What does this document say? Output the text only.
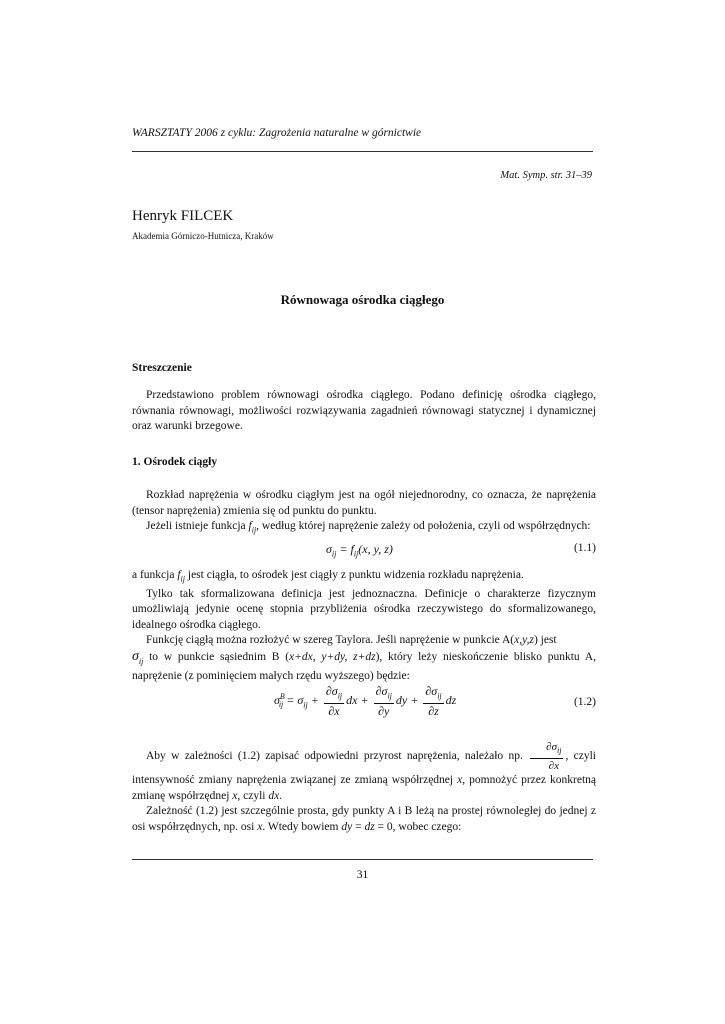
WARSZTATY 2006 z cyklu: Zagrożenia naturalne w górnictwie
Mat. Symp. str. 31–39
Henryk FILCEK
Akademia Górniczo-Hutnicza, Kraków
Równowaga ośrodka ciągłego
Streszczenie

Przedstawiono problem równowagi ośrodka ciągłego. Podano definicję ośrodka ciągłego, równania równowagi, możliwości rozwiązywania zagadnień równowagi statycznej i dynamicznej oraz warunki brzegowe.

1. Ośrodek ciągły

Rozkład naprężenia w ośrodku ciągłym jest na ogół niejednorodny, co oznacza, że naprężenia (tensor naprężenia) zmienia się od punktu do punktu.

Jeżeli istnieje funkcja $f_{ij}$, według której naprężenie zależy od położenia, czyli od współrzędnych:

$\sigma_{ij} = f_{ij}(x$, y, z)	(1.1)

a funkcja $f_{ij}$ jest ciągła, to ośrodek jest ciągły z punktu widzenia rozkładu naprężenia.

Tylko tak sformalizowana definicja jest jednoznaczna. Definicje o charakterze fizycznym umożliwiają jedynie ocenę stopnia przybliżenia ośrodka rzeczywistego do sformalizowanego, idealnego ośrodka ciągłego.

Funkcję ciągłą można rozłożyć w szereg Taylora. Jeśli naprężenie w punkcie A(x,y,z) jest
$\sigma_{ij}$ to w punkcie sąsiednim B (x+dx, y+dy, z+dz), który leży nieskończenie blisko punktu A, naprężenie (z pominięciem małych rzędu wyższego) będzie:

$\sigma^B_{ij} = \sigma_{ij} + \frac{\partial\sigma_{ij}}{\partial x}$ dx + $\frac{\partial\sigma_{ij}}{\partial y}$ dy + $\frac{\partial\sigma_{ij}}{\partial z}$ dz	(1.2)

Aby w zależności (1.2) zapisać odpowiedni przyrost naprężenia, należało np. $\frac{\partial\sigma_{ij}}{\partial x}$ , czyli intensywność zmiany naprężenia związanej ze zmianą współrzędnej x, pomnożyć przez konkretną zmianę współrzędnej x, czyli dx.

Zależność (1.2) jest szczególnie prosta, gdy punkty A i B leżą na prostej równoległej do jednej z osi współrzędnych, np. osi x. Wtedy bowiem dy = dz = 0, wobec czego:

31
